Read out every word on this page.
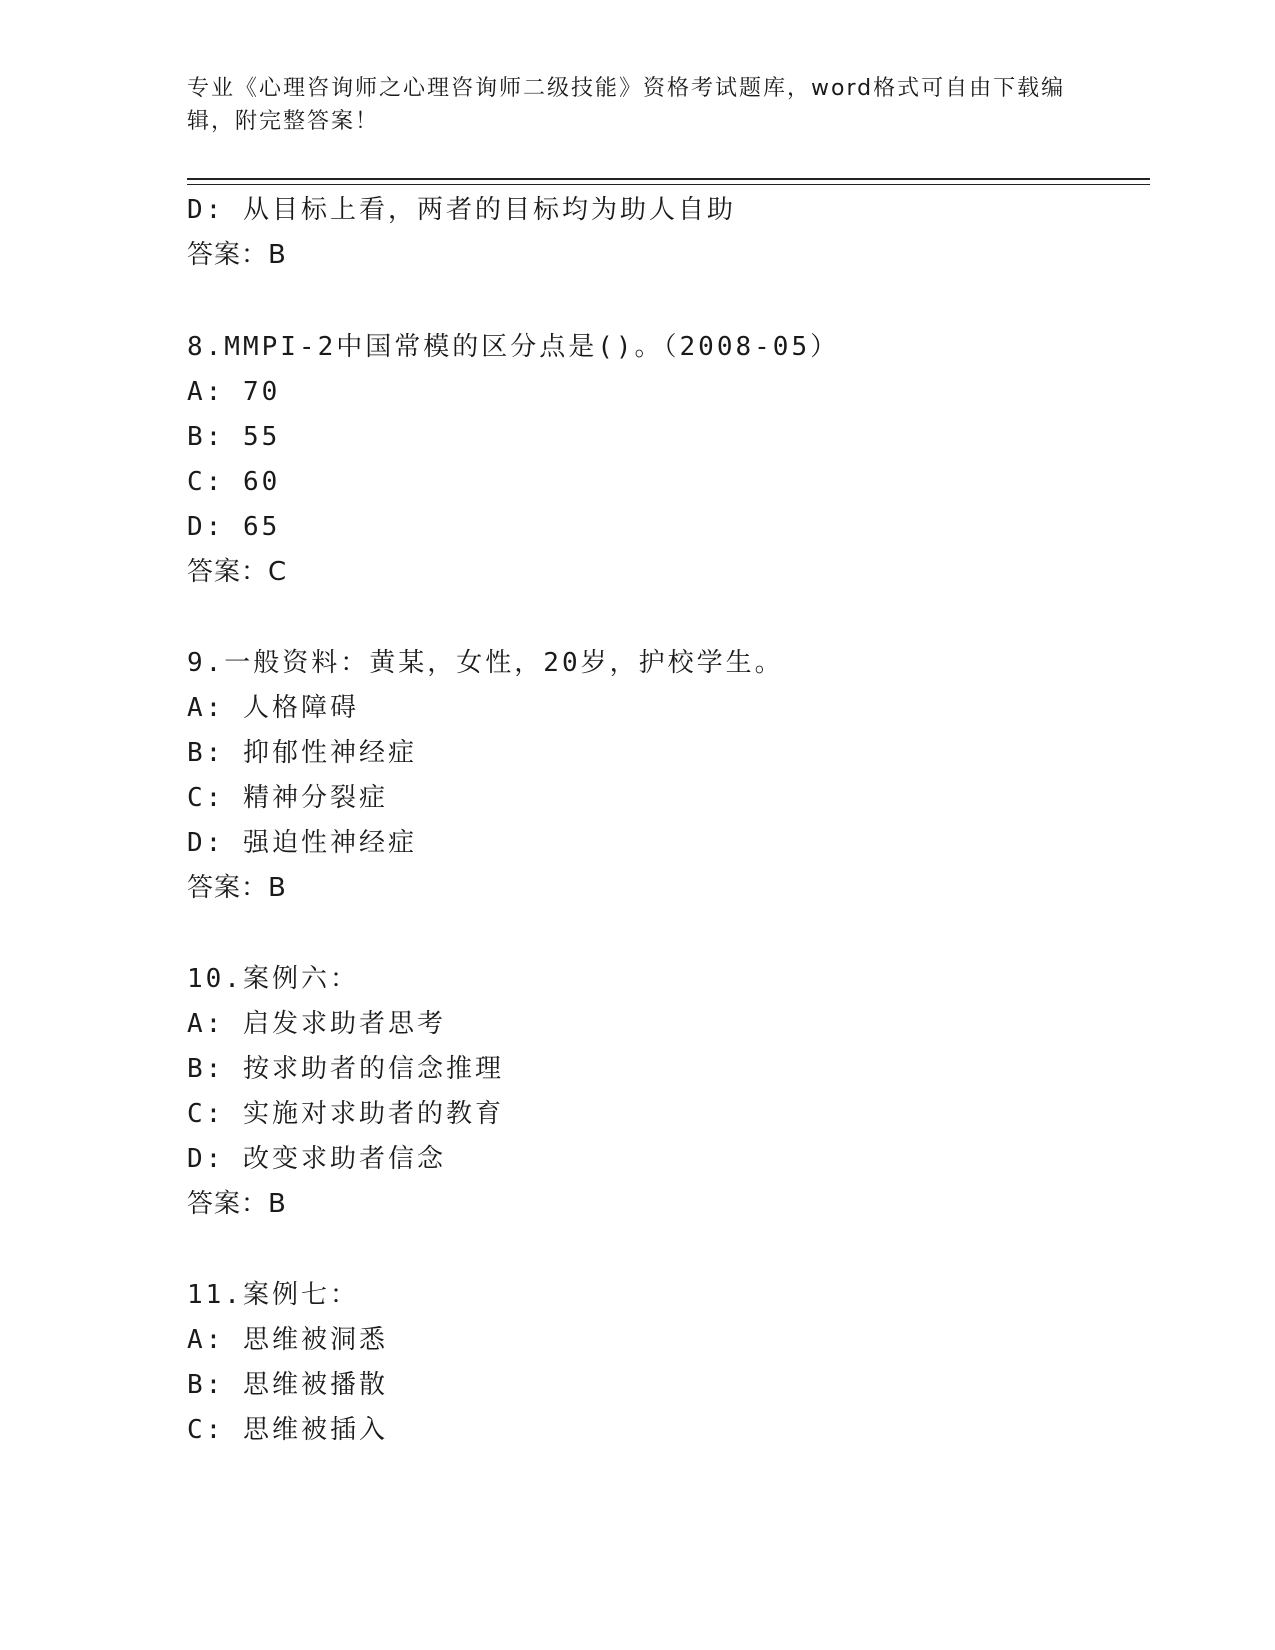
专业《心理咨询师之心理咨询师二级技能》资格考试题库，word格式可自由下载编辑，附完整答案！
D: 从目标上看，两者的目标均为助人自助
答案：B
8.MMPI-2中国常模的区分点是()。（2008-05）
A: 70
B: 55
C: 60
D: 65
答案：C
9.一般资料：黄某，女性，20岁，护校学生。
A: 人格障碍
B: 抑郁性神经症
C: 精神分裂症
D: 强迫性神经症
答案：B
10.案例六：
A: 启发求助者思考
B: 按求助者的信念推理
C: 实施对求助者的教育
D: 改变求助者信念
答案：B
11.案例七：
A: 思维被洞悉
B: 思维被播散
C: 思维被插入
